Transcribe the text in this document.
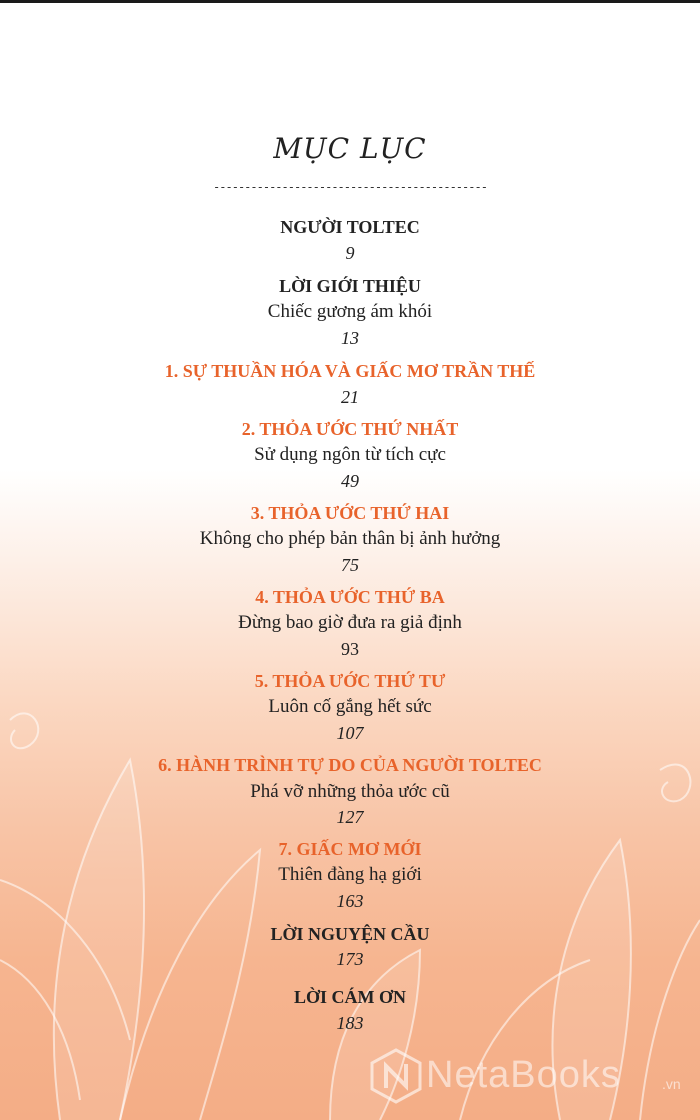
MỤC LỤC
--------------------------------------------
NGƯỜI TOLTEC
9
LỜI GIỚI THIỆU
Chiếc gương ám khói
13
1. SỰ THUẦN HÓA VÀ GIẤC MƠ TRẦN THẾ
21
2. THỎA ƯỚC THỨ NHẤT
Sử dụng ngôn từ tích cực
49
3. THỎA ƯỚC THỨ HAI
Không cho phép bản thân bị ảnh hưởng
75
4. THỎA ƯỚC THỨ BA
Đừng bao giờ đưa ra giả định
93
5. THỎA ƯỚC THỨ TƯ
Luôn cố gắng hết sức
107
6. HÀNH TRÌNH TỰ DO CỦA NGƯỜI TOLTEC
Phá vỡ những thỏa ước cũ
127
7. GIẤC MƠ MỚI
Thiên đàng hạ giới
163
LỜI NGUYỆN CẦU
173
LỜI CÁM ƠN
183
NetaBooks	.vn
